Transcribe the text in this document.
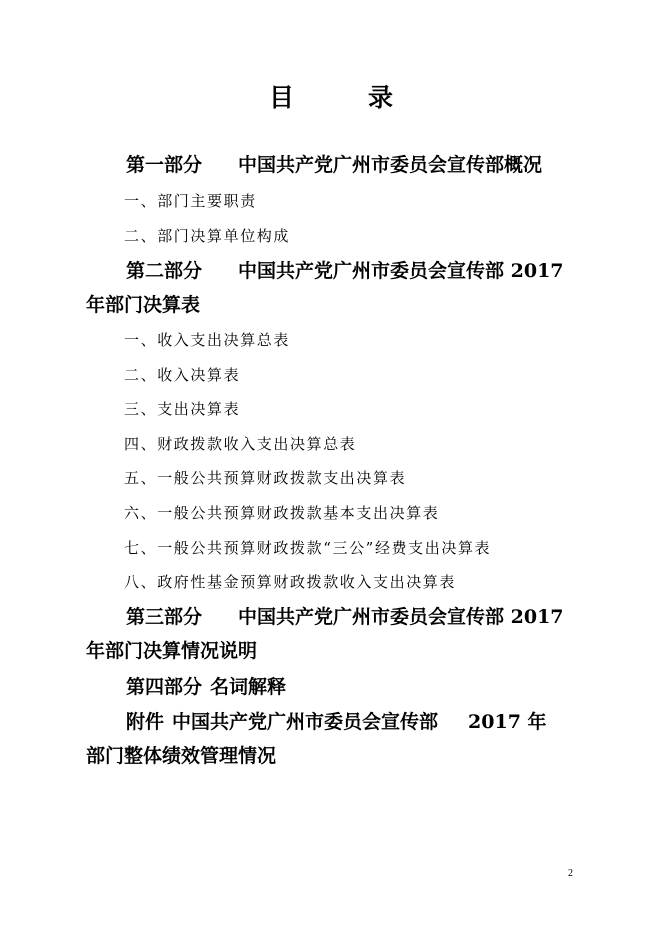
目	录
第一部分 中国共产党广州市委员会宣传部概况
一、部门主要职责
二、部门决算单位构成
第二部分 中国共产党广州市委员会宣传部 2017
年部门决算表
一、收入支出决算总表
二、收入决算表
三、支出决算表
四、财政拨款收入支出决算总表
五、一般公共预算财政拨款支出决算表
六、一般公共预算财政拨款基本支出决算表
七、一般公共预算财政拨款“三公”经费支出决算表
八、政府性基金预算财政拨款收入支出决算表
第三部分 中国共产党广州市委员会宣传部 2017
年部门决算情况说明
第四部分 名词解释
附件 中国共产党广州市委员会宣传部 2017 年
部门整体绩效管理情况
2
